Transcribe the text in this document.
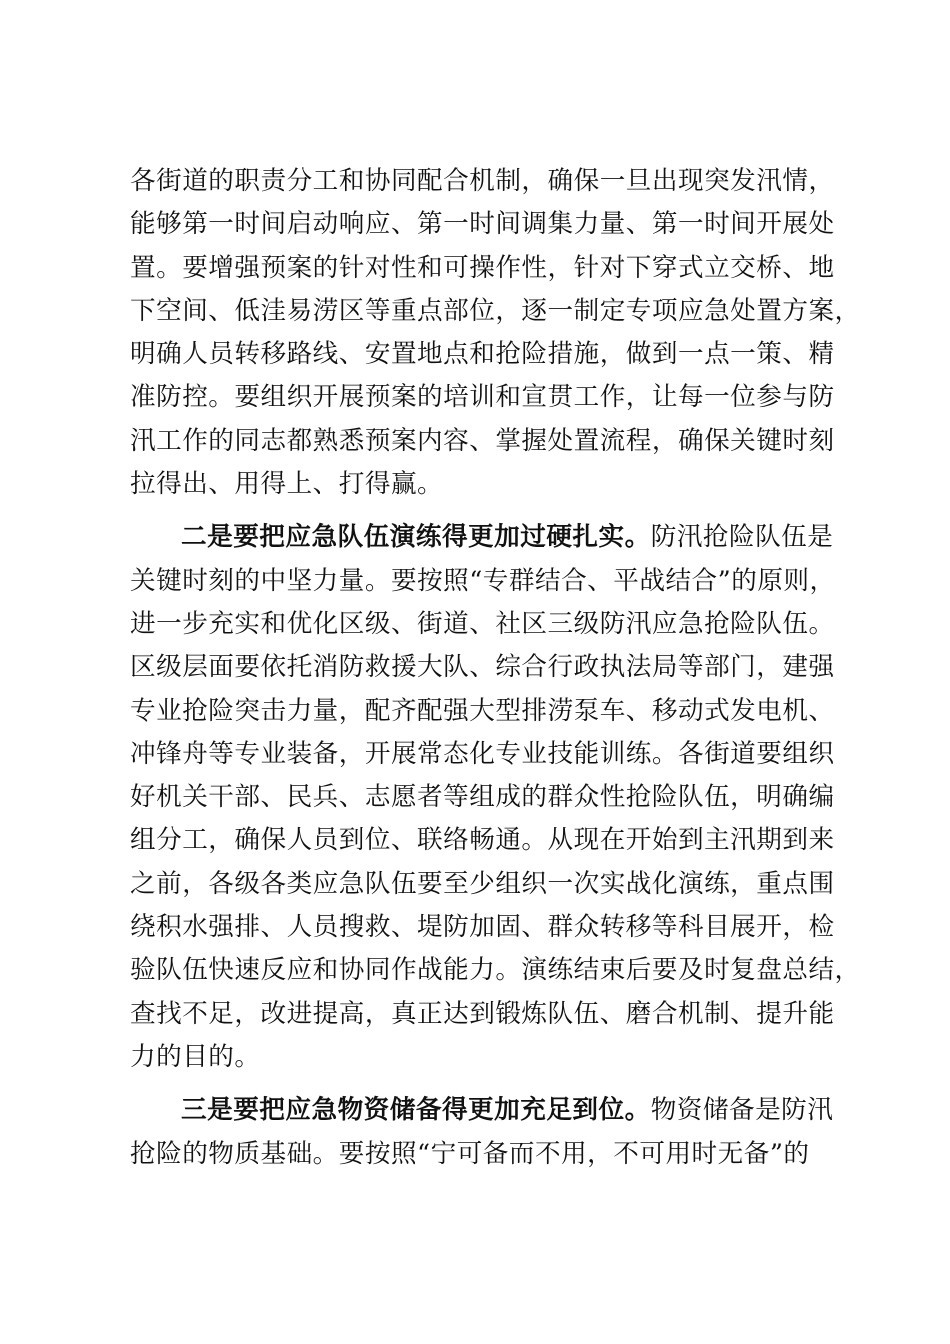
各街道的职责分工和协同配合机制，确保一旦出现突发汛情，
能够第一时间启动响应、第一时间调集力量、第一时间开展处
置。要增强预案的针对性和可操作性，针对下穿式立交桥、地
下空间、低洼易涝区等重点部位，逐一制定专项应急处置方案，
明确人员转移路线、安置地点和抢险措施，做到一点一策、精
准防控。要组织开展预案的培训和宣贯工作，让每一位参与防
汛工作的同志都熟悉预案内容、掌握处置流程，确保关键时刻
拉得出、用得上、打得赢。
二是要把应急队伍演练得更加过硬扎实。防汛抢险队伍是
关键时刻的中坚力量。要按照“专群结合、平战结合”的原则，
进一步充实和优化区级、街道、社区三级防汛应急抢险队伍。
区级层面要依托消防救援大队、综合行政执法局等部门，建强
专业抢险突击力量，配齐配强大型排涝泵车、移动式发电机、
冲锋舟等专业装备，开展常态化专业技能训练。各街道要组织
好机关干部、民兵、志愿者等组成的群众性抢险队伍，明确编
组分工，确保人员到位、联络畅通。从现在开始到主汛期到来
之前，各级各类应急队伍要至少组织一次实战化演练，重点围
绕积水强排、人员搜救、堤防加固、群众转移等科目展开，检
验队伍快速反应和协同作战能力。演练结束后要及时复盘总结，
查找不足，改进提高，真正达到锻炼队伍、磨合机制、提升能
力的目的。
三是要把应急物资储备得更加充足到位。物资储备是防汛
抢险的物质基础。要按照“宁可备而不用，不可用时无备”的
